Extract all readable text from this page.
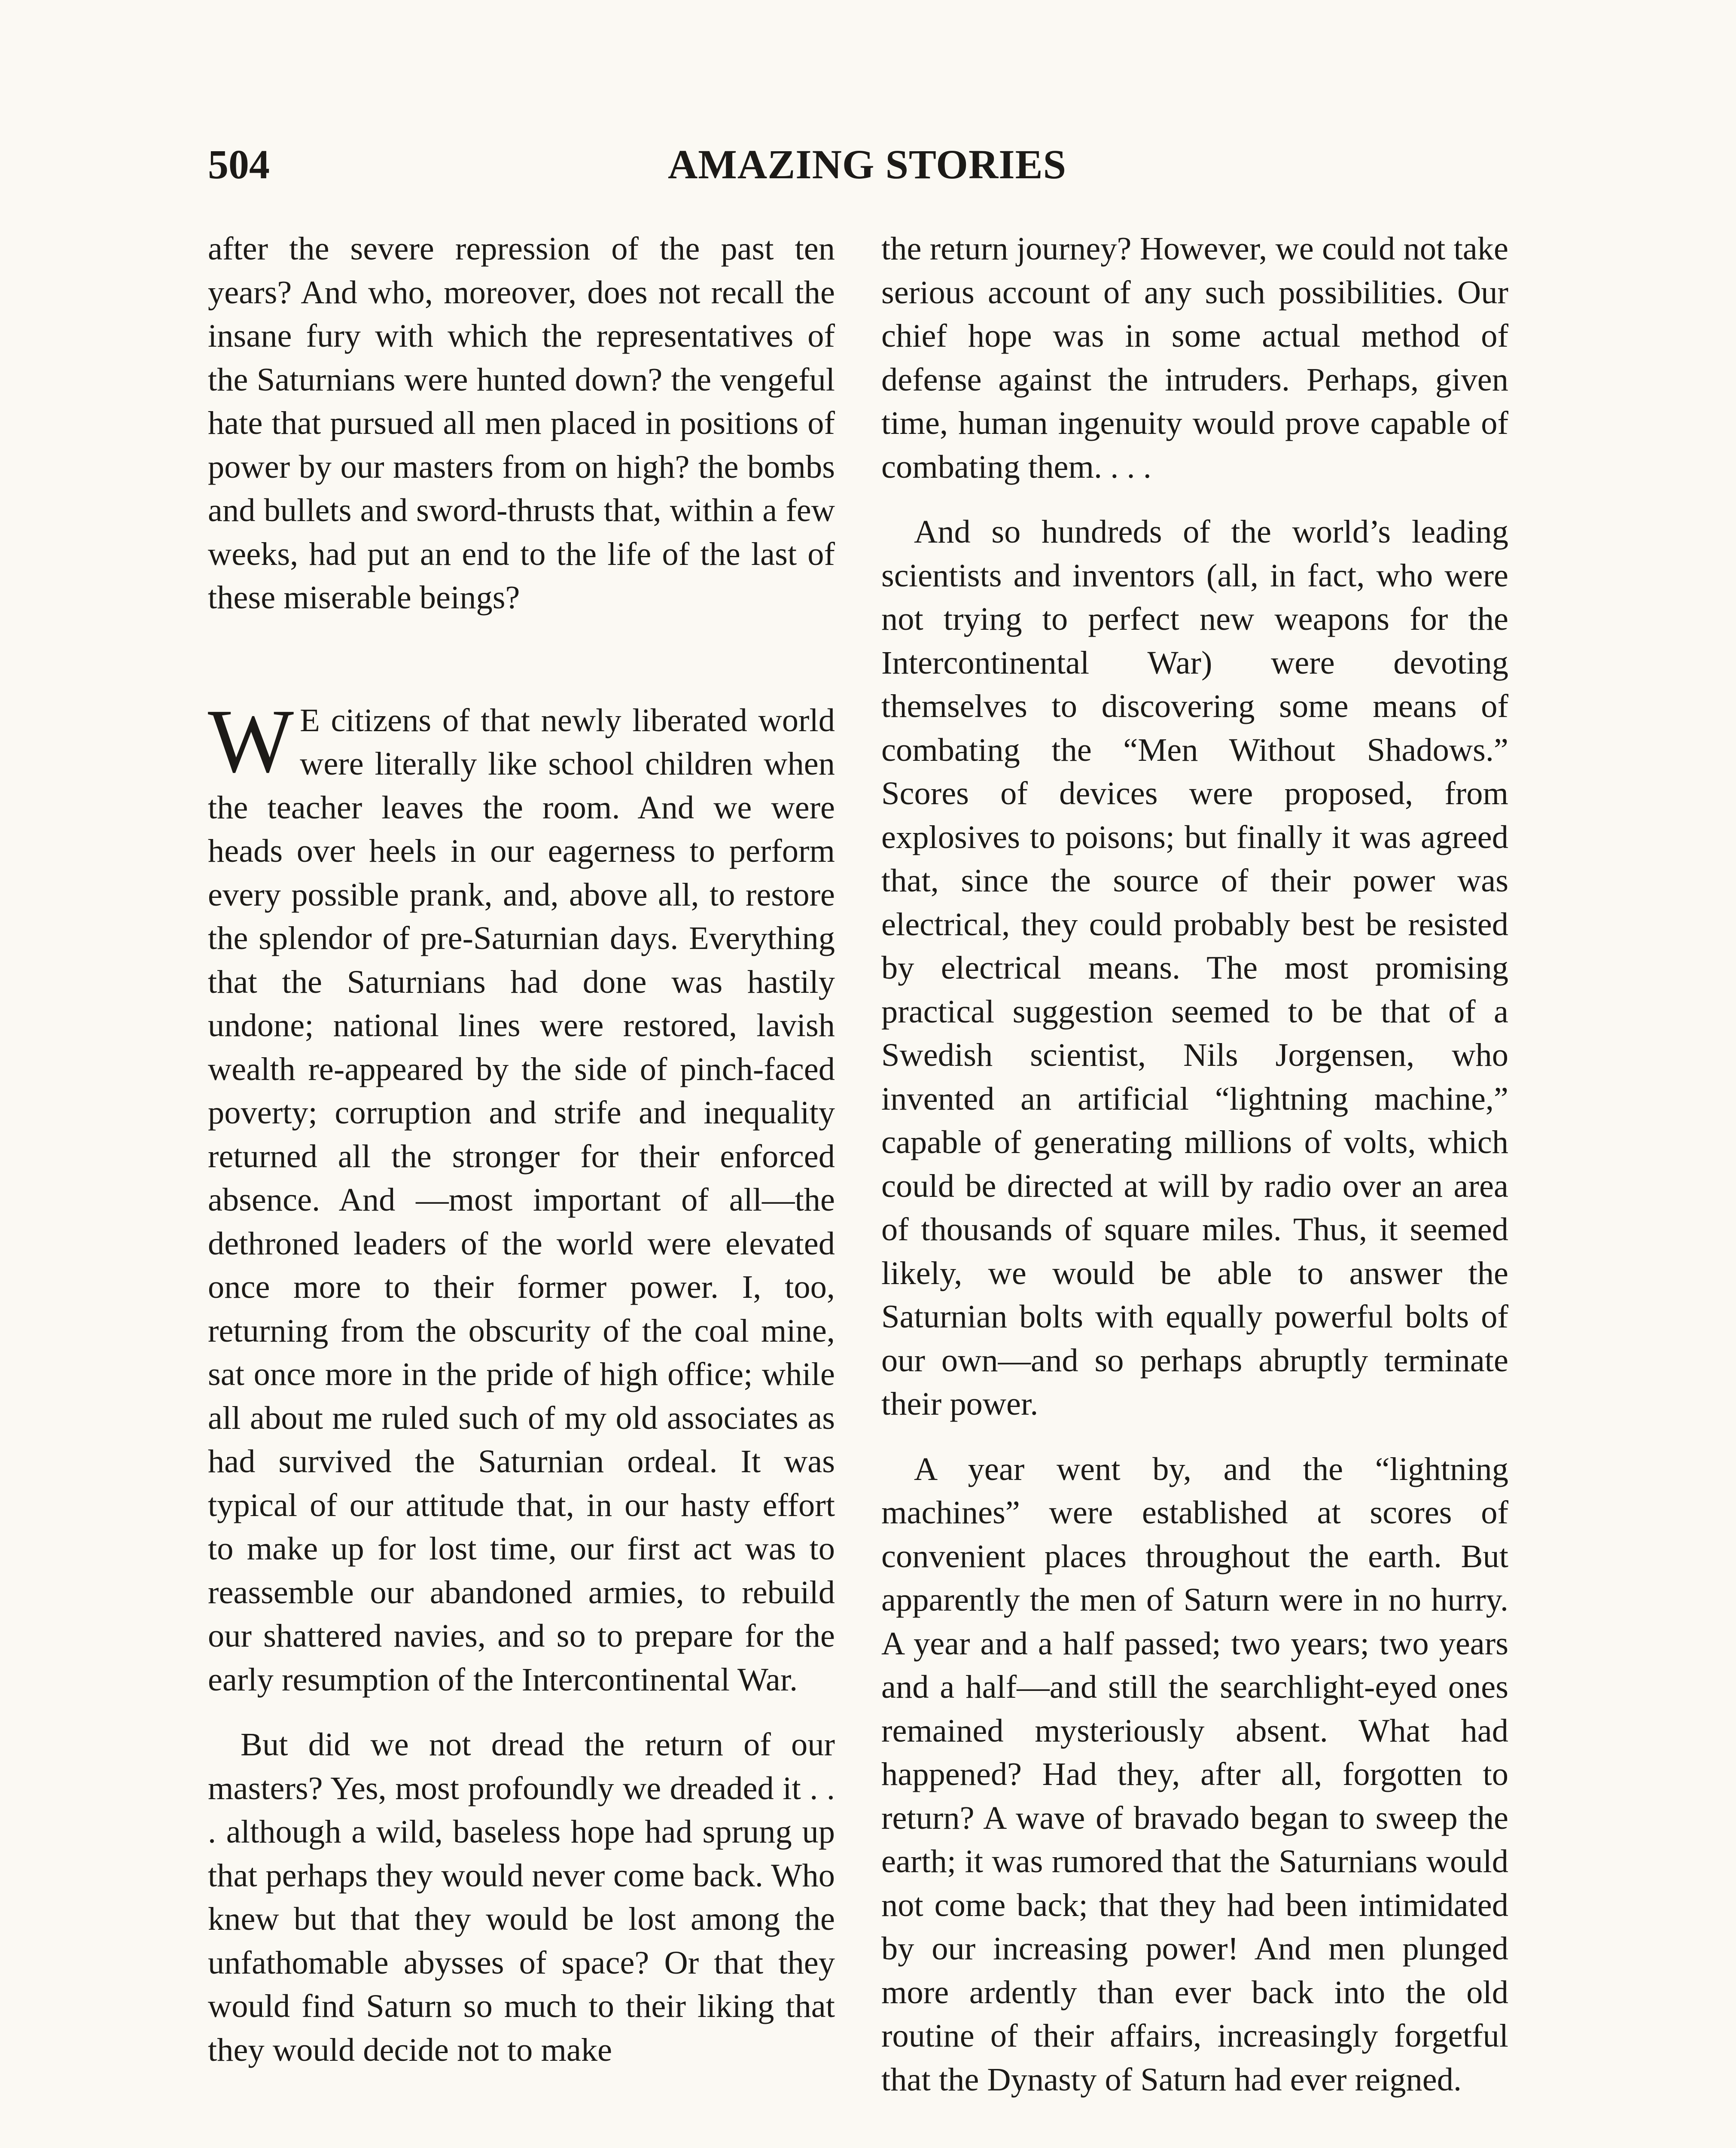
504	AMAZING STORIES

after the severe repression of the past ten years? And who, moreover, does not recall the insane fury with which the representatives of the Saturnians were hunted down? the vengeful hate that pursued all men placed in positions of power by our masters from on high? the bombs and bullets and sword-thrusts that, within a few weeks, had put an end to the life of the last of these miserable beings?

W E citizens of that newly liberated world were literally like school children when the teacher leaves the room. And we were heads over heels in our eagerness to perform every possible prank, and, above all, to restore the splendor of pre-Saturnian days. Everything that the Saturnians had done was hastily undone; national lines were restored, lavish wealth re-appeared by the side of pinch-faced poverty; corruption and strife and inequality returned all the stronger for their enforced absence. And —most important of all—the dethroned leaders of the world were elevated once more to their former power. I, too, returning from the obscurity of the coal mine, sat once more in the pride of high office; while all about me ruled such of my old associates as had survived the Saturnian ordeal. It was typical of our attitude that, in our hasty effort to make up for lost time, our first act was to reassemble our abandoned armies, to rebuild our shattered navies, and so to prepare for the early resumption of the Intercontinental War.

But did we not dread the return of our masters? Yes, most profoundly we dreaded it . . . although a wild, baseless hope had sprung up that perhaps they would never come back. Who knew but that they would be lost among the unfathomable abysses of space? Or that they would find Saturn so much to their liking that they would decide not to make

the return journey? However, we could not take serious account of any such possibilities. Our chief hope was in some actual method of defense against the intruders. Perhaps, given time, human ingenuity would prove capable of combating them. . . .

And so hundreds of the world’s leading scientists and inventors (all, in fact, who were not trying to perfect new weapons for the Intercontinental War) were devoting themselves to discovering some means of combating the “Men Without Shadows.” Scores of devices were proposed, from explosives to poisons; but finally it was agreed that, since the source of their power was electrical, they could probably best be resisted by electrical means. The most promising practical suggestion seemed to be that of a Swedish scientist, Nils Jorgensen, who invented an artificial “lightning machine,” capable of generating millions of volts, which could be directed at will by radio over an area of thousands of square miles. Thus, it seemed likely, we would be able to answer the Saturnian bolts with equally powerful bolts of our own—and so perhaps abruptly terminate their power.

A year went by, and the “lightning machines” were established at scores of convenient places throughout the earth. But apparently the men of Saturn were in no hurry. A year and a half passed; two years; two years and a half—and still the searchlight-eyed ones remained mysteriously absent. What had happened? Had they, after all, forgotten to return? A wave of bravado began to sweep the earth; it was rumored that the Saturnians would not come back; that they had been intimidated by our increasing power! And men plunged more ardently than ever back into the old routine of their affairs, increasingly forgetful that the Dynasty of Saturn had ever reigned.
